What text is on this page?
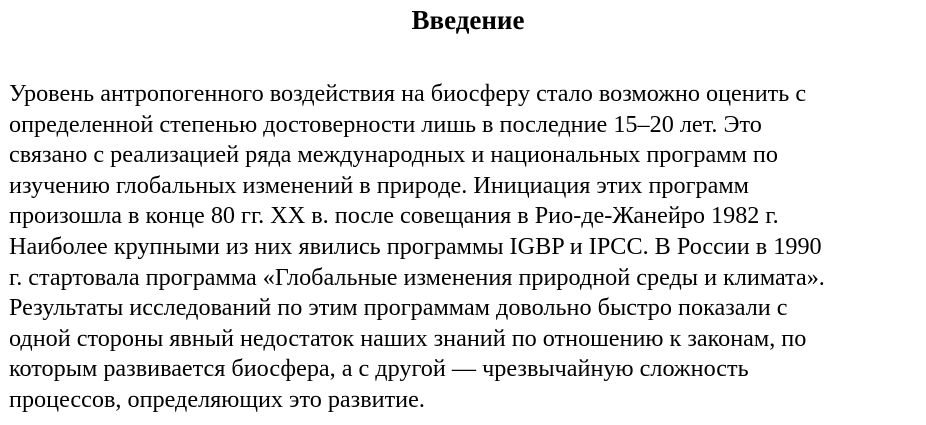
Введение
Уровень антропогенного воздействия на биосферу стало возможно оценить с
определенной степенью достоверности лишь в последние 15–20 лет. Это
связано с реализацией ряда международных и национальных программ по
изучению глобальных изменений в природе. Инициация этих программ
произошла в конце 80 гг. XX в. после совещания в Рио-де-Жанейро 1982 г.
Наиболее крупными из них явились программы IGBP и IPCC. В России в 1990
г. стартовала программа «Глобальные изменения природной среды и климата».
Результаты исследований по этим программам довольно быстро показали с
одной стороны явный недостаток наших знаний по отношению к законам, по
которым развивается биосфера, а с другой — чрезвычайную сложность
процессов, определяющих это развитие.
